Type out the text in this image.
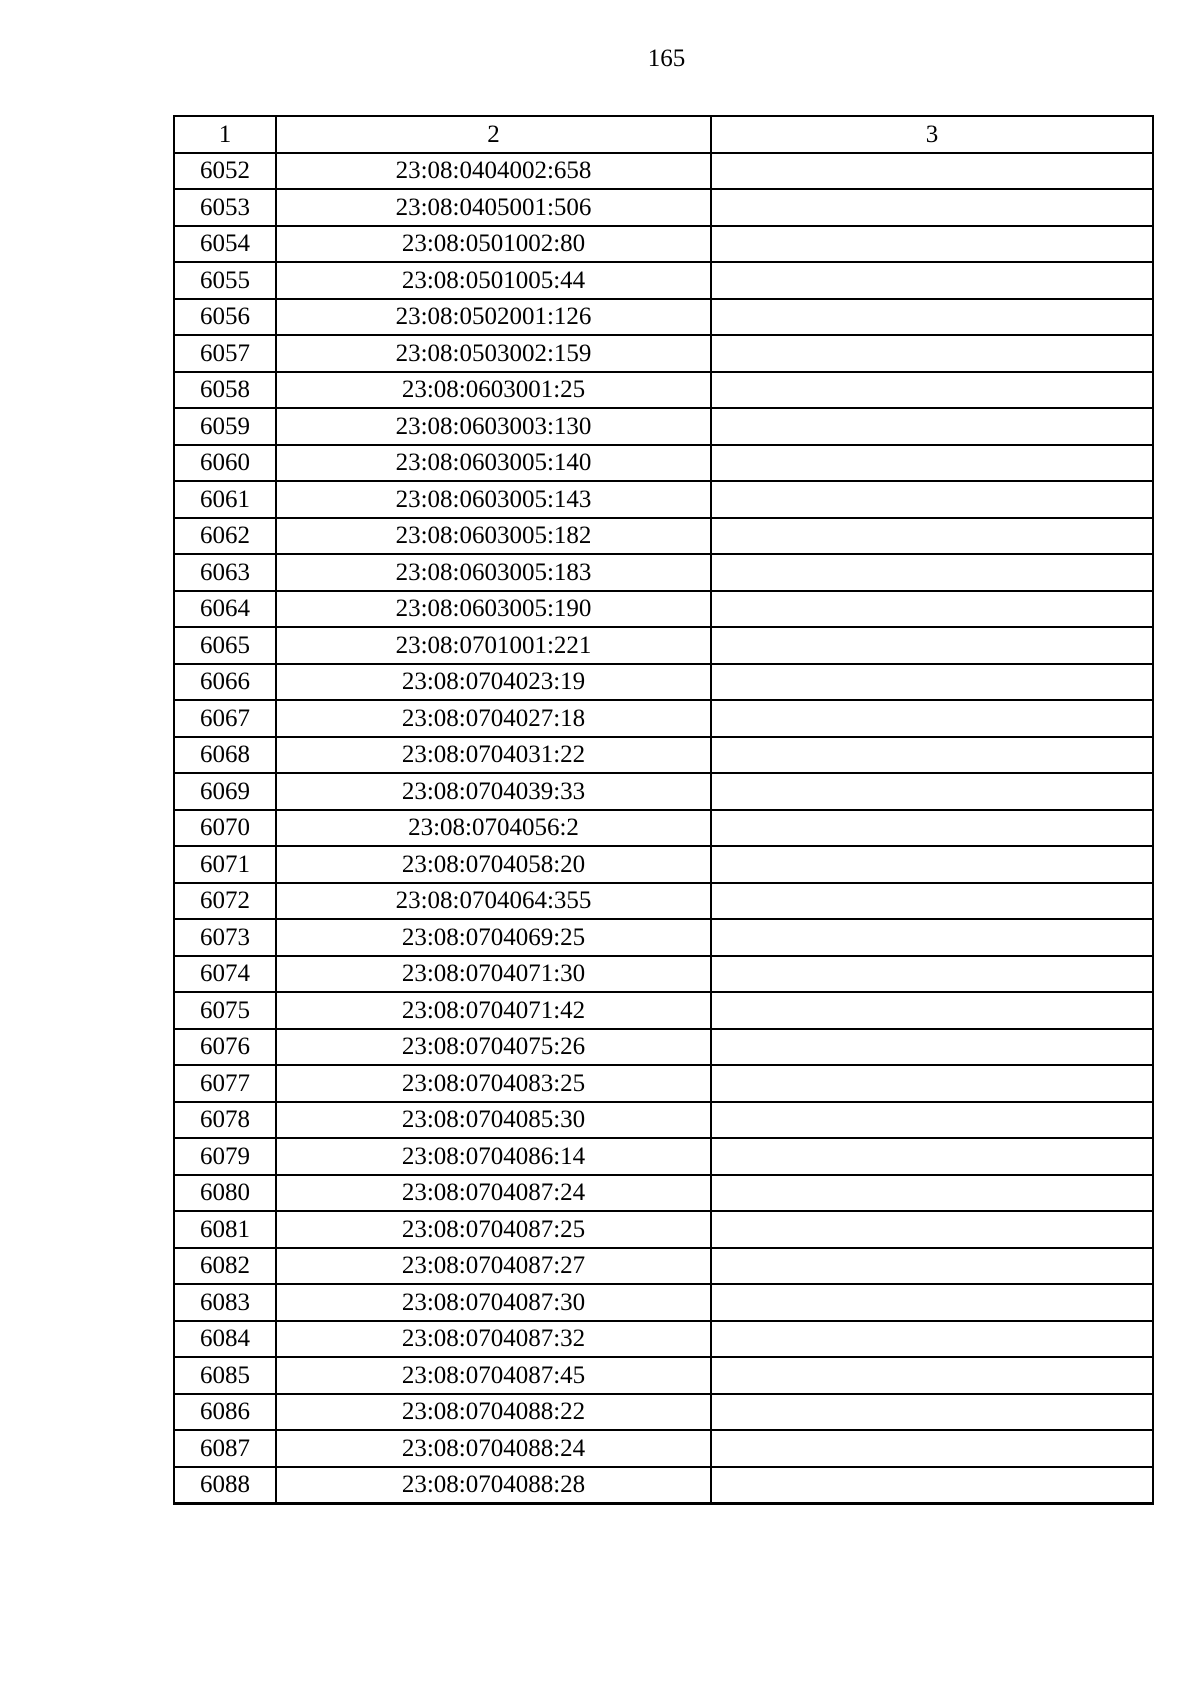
165
1	2	3
6052	23:08:0404002:658	
6053	23:08:0405001:506	
6054	23:08:0501002:80	
6055	23:08:0501005:44	
6056	23:08:0502001:126	
6057	23:08:0503002:159	
6058	23:08:0603001:25	
6059	23:08:0603003:130	
6060	23:08:0603005:140	
6061	23:08:0603005:143	
6062	23:08:0603005:182	
6063	23:08:0603005:183	
6064	23:08:0603005:190	
6065	23:08:0701001:221	
6066	23:08:0704023:19	
6067	23:08:0704027:18	
6068	23:08:0704031:22	
6069	23:08:0704039:33	
6070	23:08:0704056:2	
6071	23:08:0704058:20	
6072	23:08:0704064:355	
6073	23:08:0704069:25	
6074	23:08:0704071:30	
6075	23:08:0704071:42	
6076	23:08:0704075:26	
6077	23:08:0704083:25	
6078	23:08:0704085:30	
6079	23:08:0704086:14	
6080	23:08:0704087:24	
6081	23:08:0704087:25	
6082	23:08:0704087:27	
6083	23:08:0704087:30	
6084	23:08:0704087:32	
6085	23:08:0704087:45	
6086	23:08:0704088:22	
6087	23:08:0704088:24	
6088	23:08:0704088:28	
